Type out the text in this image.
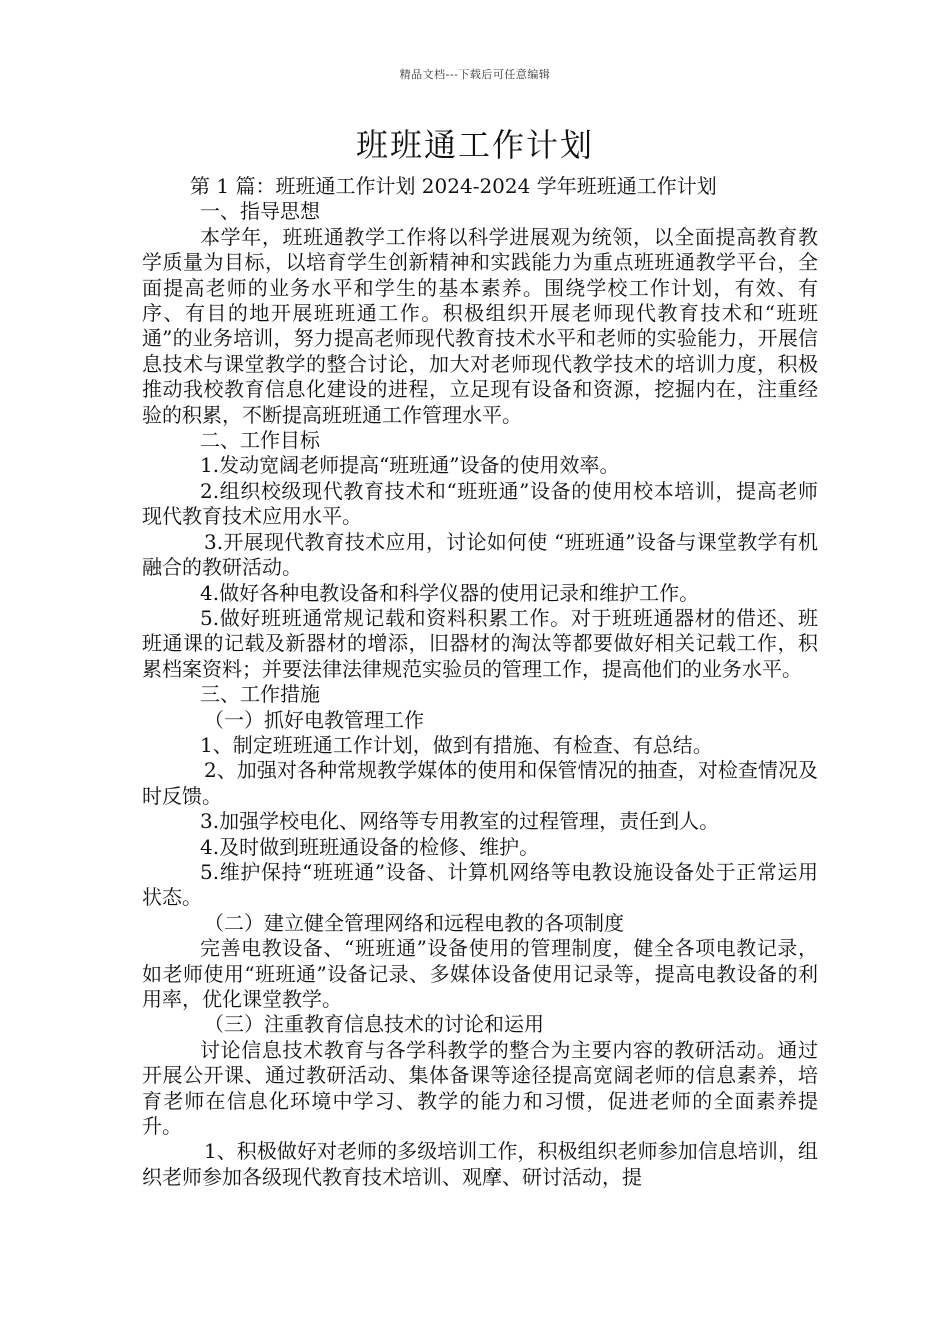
精品文档---下载后可任意编辑
班班通工作计划

第 1 篇：班班通工作计划 2024-2024 学年班班通工作计划

一、指导思想

本学年，班班通教学工作将以科学进展观为统领，以全面提高教育教学质量为目标，以培育学生创新精神和实践能力为重点班班通教学平台，全面提高老师的业务水平和学生的基本素养。围绕学校工作计划，有效、有序、有目的地开展班班通工作。积极组织开展老师现代教育技术和“班班通”的业务培训，努力提高老师现代教育技术水平和老师的实验能力，开展信息技术与课堂教学的整合讨论，加大对老师现代教学技术的培训力度，积极推动我校教育信息化建设的进程，立足现有设备和资源，挖掘内在，注重经验的积累，不断提高班班通工作管理水平。

二、工作目标

1.发动宽阔老师提高“班班通”设备的使用效率。

2.组织校级现代教育技术和“班班通”设备的使用校本培训，提高老师现代教育技术应用水平。

3.开展现代教育技术应用，讨论如何使 “班班通”设备与课堂教学有机融合的教研活动。

4.做好各种电教设备和科学仪器的使用记录和维护工作。

5.做好班班通常规记载和资料积累工作。对于班班通器材的借还、班班通课的记载及新器材的增添，旧器材的淘汰等都要做好相关记载工作，积累档案资料；并要法律法律规范实验员的管理工作，提高他们的业务水平。

三、工作措施

（一）抓好电教管理工作

1、制定班班通工作计划，做到有措施、有检查、有总结。

2、加强对各种常规教学媒体的使用和保管情况的抽查，对检查情况及时反馈。

3.加强学校电化、网络等专用教室的过程管理，责任到人。

4.及时做到班班通设备的检修、维护。

5.维护保持“班班通”设备、计算机网络等电教设施设备处于正常运用状态。

（二）建立健全管理网络和远程电教的各项制度

完善电教设备、“班班通”设备使用的管理制度，健全各项电教记录，如老师使用“班班通”设备记录、多媒体设备使用记录等，提高电教设备的利用率，优化课堂教学。

（三）注重教育信息技术的讨论和运用

讨论信息技术教育与各学科教学的整合为主要内容的教研活动。通过开展公开课、通过教研活动、集体备课等途径提高宽阔老师的信息素养，培育老师在信息化环境中学习、教学的能力和习惯，促进老师的全面素养提升。

1、积极做好对老师的多级培训工作，积极组织老师参加信息培训，组织老师参加各级现代教育技术培训、观摩、研讨活动，提
